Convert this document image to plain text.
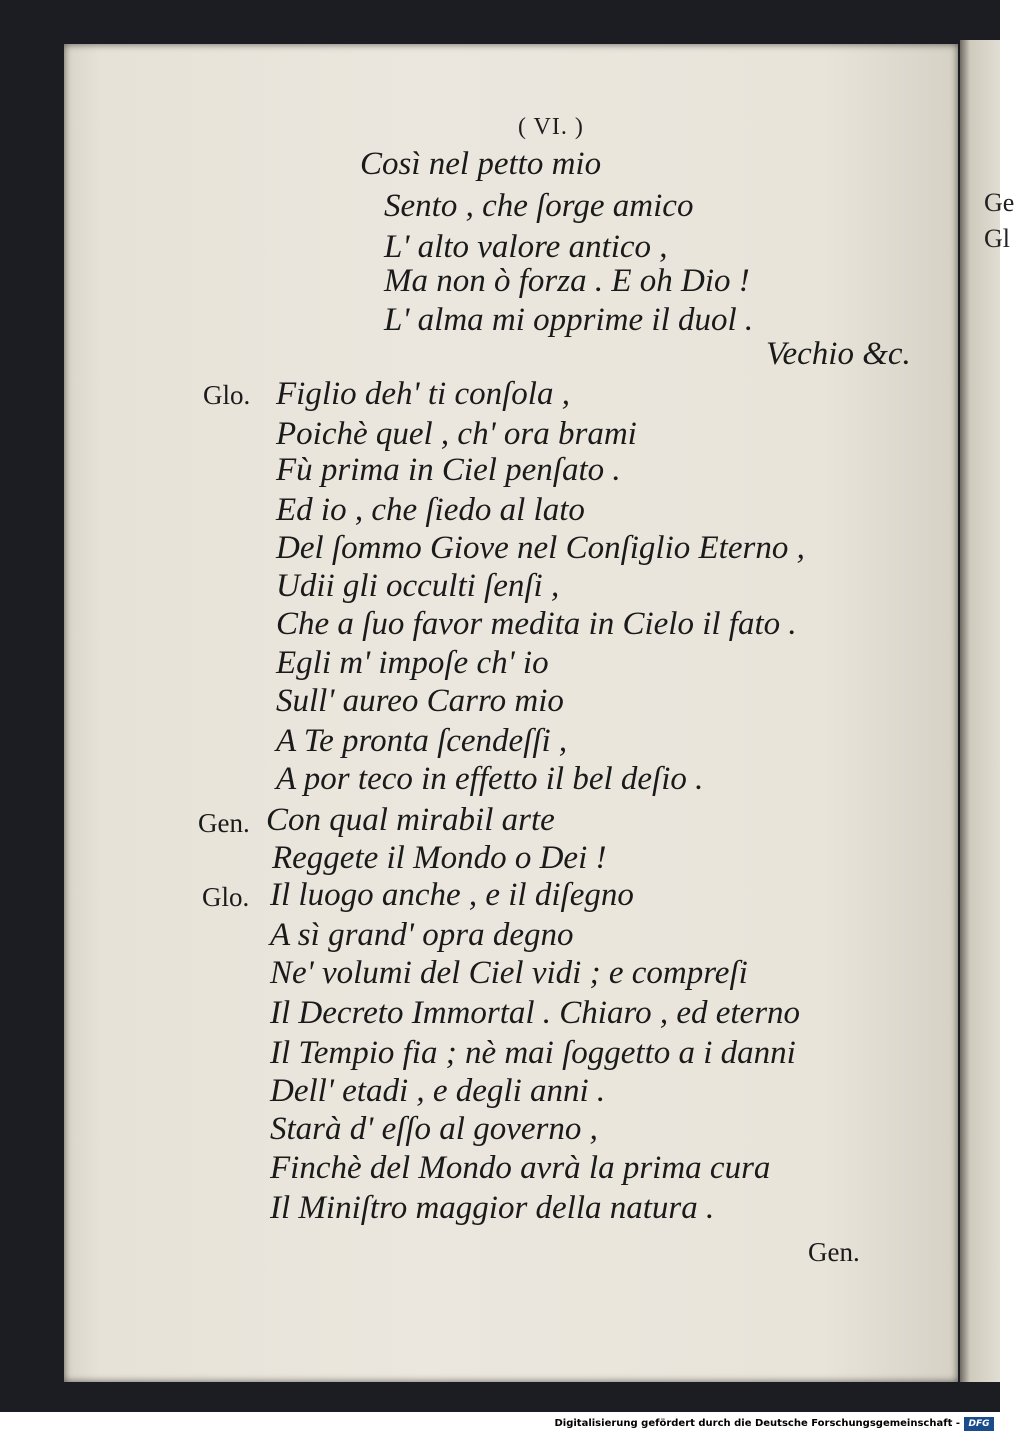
Ge
Gl
( VI. )
Così nel petto mio
Sento , che ſorge amico
L' alto valore antico ,
Ma non ò forza . E oh Dio !
L' alma mi opprime il duol .
Vechio &c.
Glo. Figlio deh' ti conſola ,
Poichè quel , ch' ora brami
Fù prima in Ciel penſato .
Ed io , che ſiedo al lato
Del ſommo Giove nel Conſiglio Eterno ,
Udii gli occulti ſenſi ,
Che a ſuo favor medita in Cielo il fato .
Egli m' impoſe ch' io
Sull' aureo Carro mio
A Te pronta ſcendeſſi ,
A por teco in effetto il bel deſio .
Gen. Con qual mirabil arte
Reggete il Mondo o Dei !
Glo. Il luogo anche , e il diſegno
A sì grand' opra degno
Ne' volumi del Ciel vidi ; e compreſi
Il Decreto Immortal . Chiaro , ed eterno
Il Tempio fia ; nè mai ſoggetto a i danni
Dell' etadi , e degli anni .
Starà d' eſſo al governo ,
Finchè del Mondo avrà la prima cura
Il Miniſtro maggior della natura .
Gen.
Digitalisierung gefördert durch die Deutsche Forschungsgemeinschaft - DFG
